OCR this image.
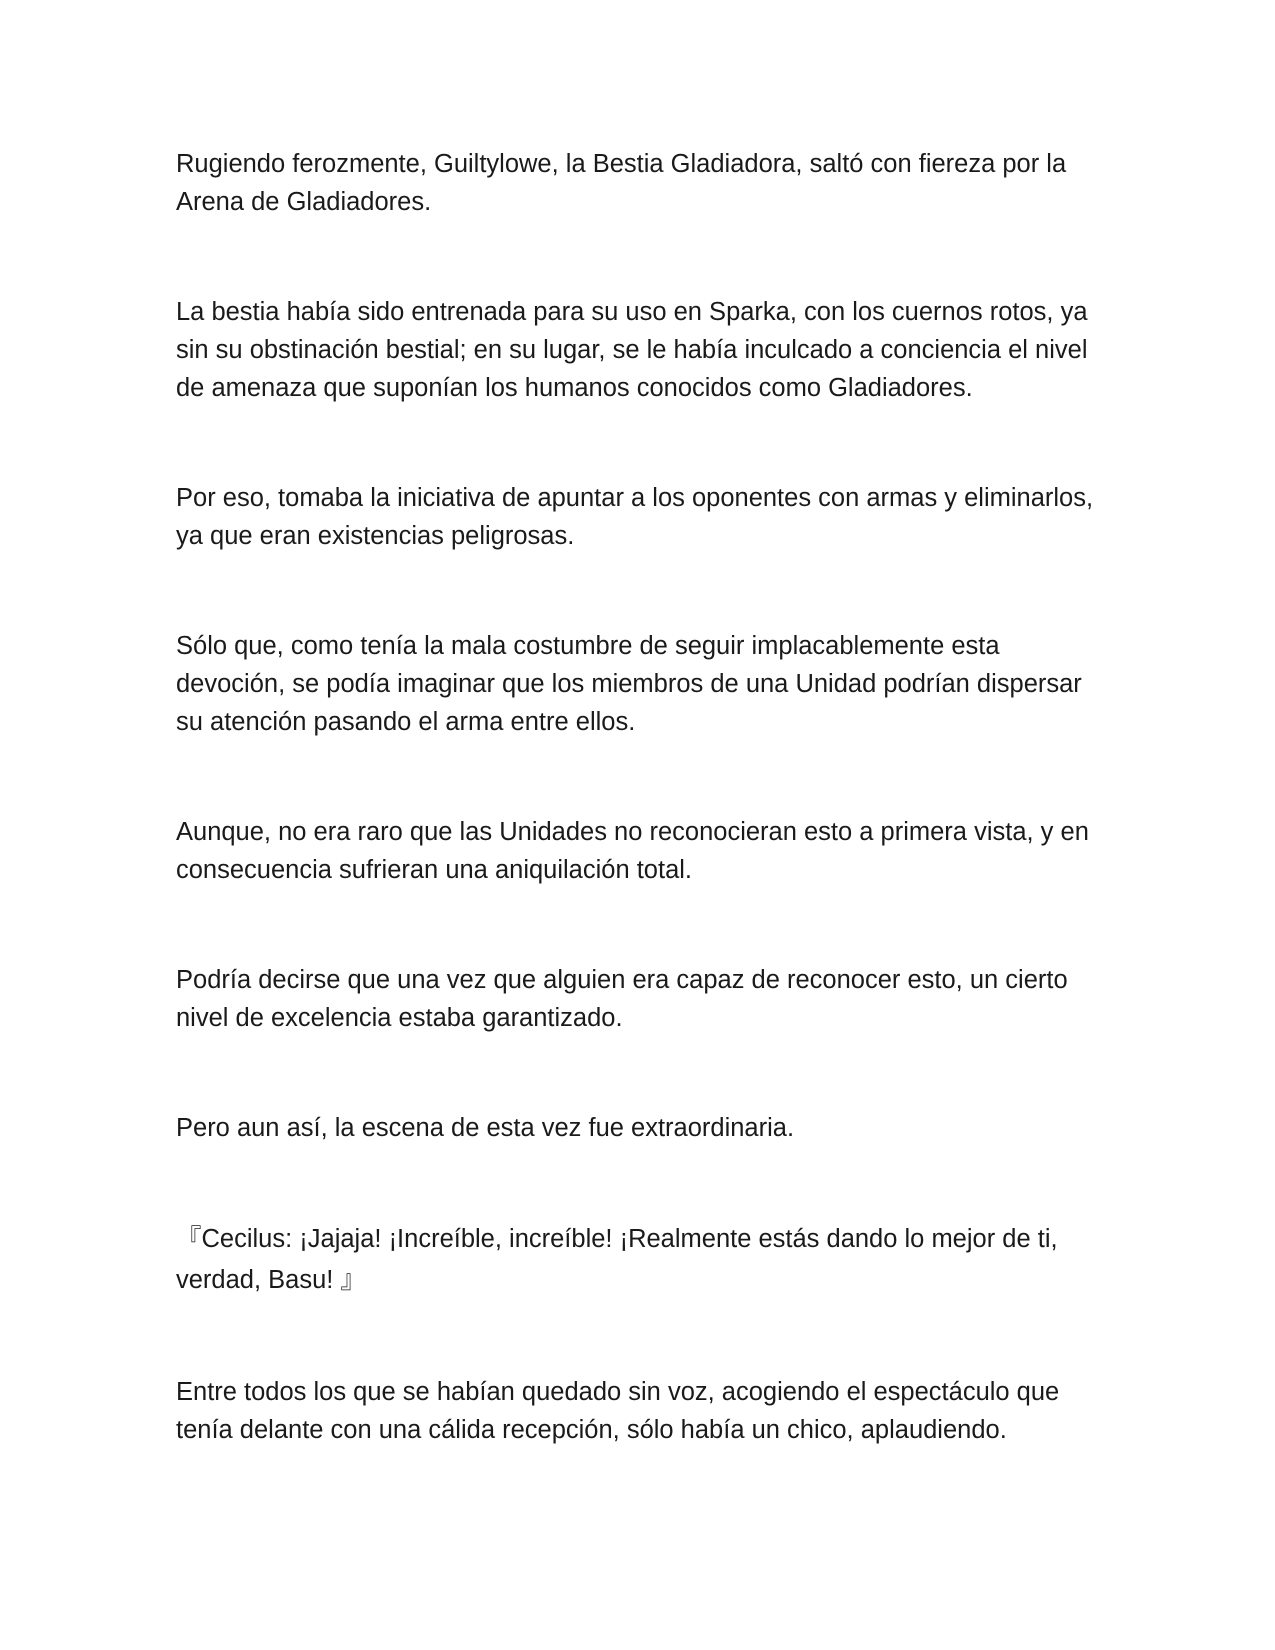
Rugiendo ferozmente, Guiltylowe, la Bestia Gladiadora, saltó con fiereza por la Arena de Gladiadores.

La bestia había sido entrenada para su uso en Sparka, con los cuernos rotos, ya sin su obstinación bestial; en su lugar, se le había inculcado a conciencia el nivel de amenaza que suponían los humanos conocidos como Gladiadores.

Por eso, tomaba la iniciativa de apuntar a los oponentes con armas y eliminarlos, ya que eran existencias peligrosas.

Sólo que, como tenía la mala costumbre de seguir implacablemente esta devoción, se podía imaginar que los miembros de una Unidad podrían dispersar su atención pasando el arma entre ellos.

Aunque, no era raro que las Unidades no reconocieran esto a primera vista, y en consecuencia sufrieran una aniquilación total.

Podría decirse que una vez que alguien era capaz de reconocer esto, un cierto nivel de excelencia estaba garantizado.

Pero aun así, la escena de esta vez fue extraordinaria.

『Cecilus: ¡Jajaja! ¡Increíble, increíble! ¡Realmente estás dando lo mejor de ti, verdad, Basu! 』

Entre todos los que se habían quedado sin voz, acogiendo el espectáculo que tenía delante con una cálida recepción, sólo había un chico, aplaudiendo.
